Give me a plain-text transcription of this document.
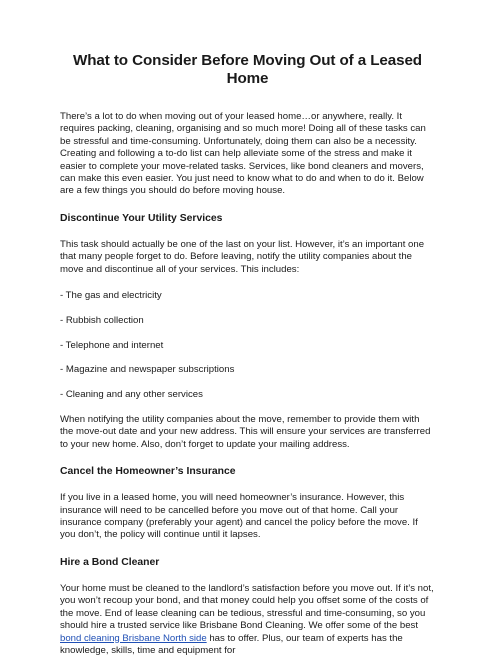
What to Consider Before Moving Out of a Leased Home

There’s a lot to do when moving out of your leased home…or anywhere, really. It requires packing, cleaning, organising and so much more! Doing all of these tasks can be stressful and time-consuming. Unfortunately, doing them can also be a necessity. Creating and following a to-do list can help alleviate some of the stress and make it easier to complete your move-related tasks. Services, like bond cleaners and movers, can make this even easier. You just need to know what to do and when to do it. Below are a few things you should do before moving house.

Discontinue Your Utility Services

This task should actually be one of the last on your list. However, it’s an important one that many people forget to do. Before leaving, notify the utility companies about the move and discontinue all of your services. This includes:

- The gas and electricity

- Rubbish collection

- Telephone and internet

- Magazine and newspaper subscriptions

- Cleaning and any other services

When notifying the utility companies about the move, remember to provide them with the move-out date and your new address. This will ensure your services are transferred to your new home. Also, don’t forget to update your mailing address.

Cancel the Homeowner’s Insurance

If you live in a leased home, you will need homeowner’s insurance. However, this insurance will need to be cancelled before you move out of that home. Call your insurance company (preferably your agent) and cancel the policy before the move. If you don’t, the policy will continue until it lapses.

Hire a Bond Cleaner

Your home must be cleaned to the landlord’s satisfaction before you move out. If it’s not, you won’t recoup your bond, and that money could help you offset some of the costs of the move. End of lease cleaning can be tedious, stressful and time-consuming, so you should hire a trusted service like Brisbane Bond Cleaning. We offer some of the best bond cleaning Brisbane North side has to offer. Plus, our team of experts has the knowledge, skills, time and equipment for
